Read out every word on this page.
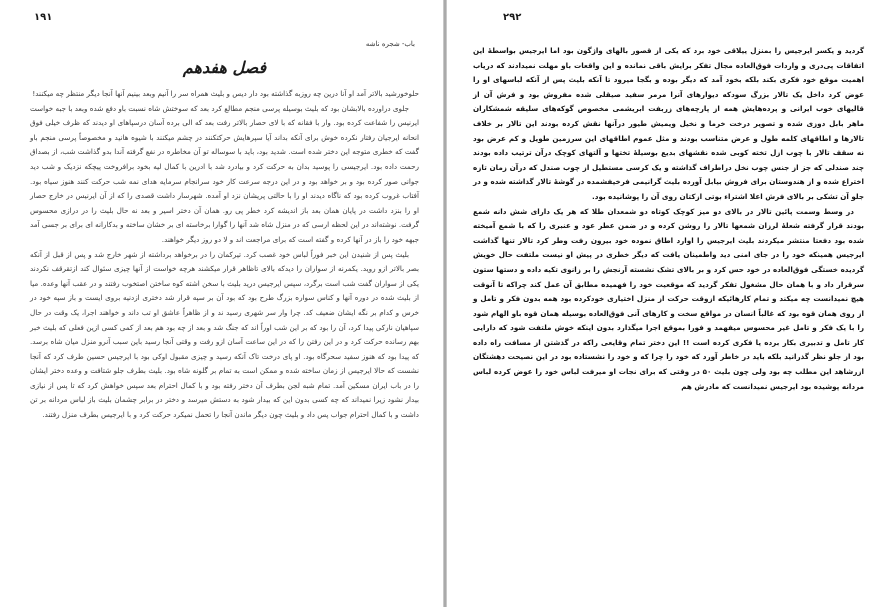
۱۹۱
باب- شجره ناشه
فصل هفدهم

حلوخورشید بالاتر آمد او آنا درین چه روزبه گذاشته بود دار دیس و بلیث همراه سر را آنیم وبعد بینیم آنها آنجا دیگر منتظر چه میکنند!

جلوی دراورده بالابشان بود که بلیث بوسیله پرسی منجم مطالع کرد بعد که سوختش شاه نسبت باو دفع شده وبعد با جبه خواست ایرنیس را شفاعت کرده بود. وار با فقانه که با لای حصار بالاتر رفت بعد که الی برده آسان درسپاهای او دیدند که ظرف خیلی فوق انحانه ایرجیان رفتار نکرده خوش برای آنکه بداند آیا سپرهایش حرکتکنند در چشم میکنند با شیوه هانید و مخصوصاً پرسی منجم باو گفت که خطری متوجه این دختر شده است. شدید بود، باید با سوساله تو آن مخاطره در نفع گرفته آندا بدو گذاشت شب، از بصداق رحمت داده بود. ایرجیسی را پوسید بدان به حرکت کرد و بیادرد شد با ادرین با کمال لیه بخود برافروخت پیچکه نزدیک و شب دید جوانی صور کرده بود و بر خواهد بود و در این درجه سرعت کار خود سرانجام سرمایه هدای نمه شب حرکت کنند هنوز سیاه بود. آفتاب غروب کرده بود که ناگاه دیدند او را با حالتی پریشان نزد او آمده. شهرسار داشت قصدی را که از آن ایرنیس در خارج حصار او را بنزد داشت در پایان همان بعد باز اندیشه کرد خطر پی رو. همان آن دختر اسیر و بعد نه حال بلیث را در درازی محسوس گرفت. نوشته‌اند در این لحظه ارسی که در منزل شاه شد آنها را گوارا برخاسته ای بر خشان ساخته و بدکارانه ای برای بر جسی آمد جبهه خود را باز در آنها کرده و گفته است که برای مراجعت اند و لا دو روز دیگر خواهند.

بلیث پس از شنیدن این خبر فوراً لباس خود غصب کرد. تیرکمان را در برخواهد برداشته از شهر خارج شد و پس از قبل از آنکه بصر بالاتر ازو روید. یکمرنه از سواران را دیدکه بالای تاظاهر قرار میکشند هرچه خواست از آنها چیزی سئوال کند ازتقرقف نکردند یکی از سواران گفت شب است برگرد، سپس ایرجیس درید بلیث با سخن اشته کوه ساختن اصتخوب رفتند و در عقب آنها وعده. میا از بلیث شده در دوره آنها و کناس سواره بزرگ طرح بود که بود آن بر سپه قرار شد دختری ازدنیه بروی ایست و باز سپه خود در خرس و کدام بر نگه ایشان ضعیف کد. چرا وار سر شهری رسید ند و از ظاهراً عاشق او تب داند و خواهند اجرا، یک وقت در حال سپاهیان نارکی پیدا کرد، آن را بود که بر این شب اوراً اند که جنگ شد و بعد از چه بود هم بعد از کمی کسی ازین فعلی که بلیث خبر بهم رسانده حرکت کرد و در این رفتن را که در این ساعت آسان ازو رفت و وقتی آنجا رسید باین سبب آنرو منزل میان شاه برسد. که پیدا بود که هنوز سفید سحرگاه بود. او پای درخت تاک آنکه رسید و چیزی مقبول اوکی بود با ایرجیس حسین طرف کرد که آنجا نشست که حالا ایرجیس از زمان ساخته شده و ممکن است به تمام بر گلونه شاه بود. بلیث بطرف جلو شتافت و وعده دختر ایشان را در باب ایران مسکین آمد. تمام شبه لجن بطرف آن دختر رفته بود و با کمال احترام بعد سپس خواهش کرد که تا پس از نیازی بیدار نشود زیرا نمیداند که چه کسی بدون این که بیدار شود به دستش میرسد و دختر در برابر چشمان بلیث باز لباس مردانه بر تن داشت و با کمال احترام جواب پس داد و بلیث چون دیگر ماندن آنجا را تحمل نمیکرد حرکت کرد و با ایرجیس بطرف منزل رفتند.

۲۹۲

گردید و یکسر ایرجیس را بمنزل ییلاقی خود برد که یکی از قصور بالهای واژگون بود اما ایرجیس بواسطهٔ این اتفاقات پی‌دری و واردات فوق‌العاده مجال تفکر برایش باقی نمانده و این واقعات باو مهلت نمیدادند که دریاب اهمیت موقع خود فکری بکند بلکه بخود آمد که دیگر بوده و بگجا میرود تا آنکه بلیث پس از آنکه لباسهای او را عوض کرد داخل یک تالار بزرگ سودکه دیوارهای آنرا مرمر سفید صیقلی شده مفروش بود و فرش آن از قالیهای خوب ایرانی و پرده‌هایش همه از پارچه‌های زربفت ابریشمی مخصوص گوکه‌های سلیقه شمشکاران ماهر بابل دوزی شده و تصویر درخت خرما و نخیل ویمیش طیور درآنها نقش کرده بودند این تالار بر خلاف تالارها و اطاقهای کلمه طول و عرض متناسب بودند و مثل عموم اطاقهای این سرزمین طویل و کم عرض بود نه سقف تالار با چوب ازل تخته کوبی شده نقشهای بدیع بوسیلهٔ تختها و آلتهای کوچک درآن ترتیب داده بودند چند صندلی که جز از جنس چوب نخل دراطراف گذاشته و یک کرسی مستطیل از چوب صندل که درآن زمان تازه اختراع شده و از هندوستان برای فروش بیابل آورده بلیث گرانیمی فرخیفشمده در گوشهٔ تالار گذاشته شده و در جلو آن تشکی بر بالای فرش اعلا اشتراء بوتی ازکتان روی آن را پوشانیده بود.

در وسط وسمت پائین تالار در بالای دو میز کوچک کوتاه دو شمعدان طلا که هر یک دارای شش دانه شمع بودند قرار گرفته شعلهٔ لرزان شمعها تالار را روشن کرده و در ضمن عطر عود و عنبری را که با شمع آمیخته شده بود دفعتا منتشر میکردند بلیث ایرجیس را اوارد اطاق نموده خود بیرون رفت وطر کرد تالار تنها گذاشت ایرجیس همینکه خود را در جای امنی دید واطمینان یافت که دیگر خطری در پیش او نیست ملتفت حال خویش گردیده خستگی فوق‌العاده در خود حس کرد و بر بالای تشک نشسته آرنجش را بر زانوی تکیه داده و دستها ستون سرقرار داد و با همان حال مشغول تفکر گردید که موقعیت خود را فهمیده مطابق آن عمل کند چراکه تا آنوقت هیچ نمیدانست چه میکند و تمام کارهائیکه ازوقت حرکت از منزل اختیاری خودکرده بود همه بدون فکر و تامل و از روی همان قوه بود که غالباً انسان در مواقع سخت و کارهای آنی فوق‌العاده بوسیله همان قوه باو الهام شود را با یک فکر و تامل غیر محسوس میفهمد و فورا بموقع اجرا میگذارد بدون اینکه خوش ملتفت شود که دارایی کار تامل و تدبیری بکار برده یا فکری کرده است !! این دختر تمام وقایعی راکه در گذشتن از مسافت راه داده بود از جلو نظر گذرانید بلکه باید در خاطر آورد که خود را چرا که و خود را نشستاده بود در این نصیحت دهشتگان ازرشاهد این مطلب چه بود ولی چون بلیث ۵۰ در وقتی که برای نجات او میرفت لباس خود را عوض کرده لباس مردانه پوشیده بود ایرجیس نمیدانست که مادرش هم
